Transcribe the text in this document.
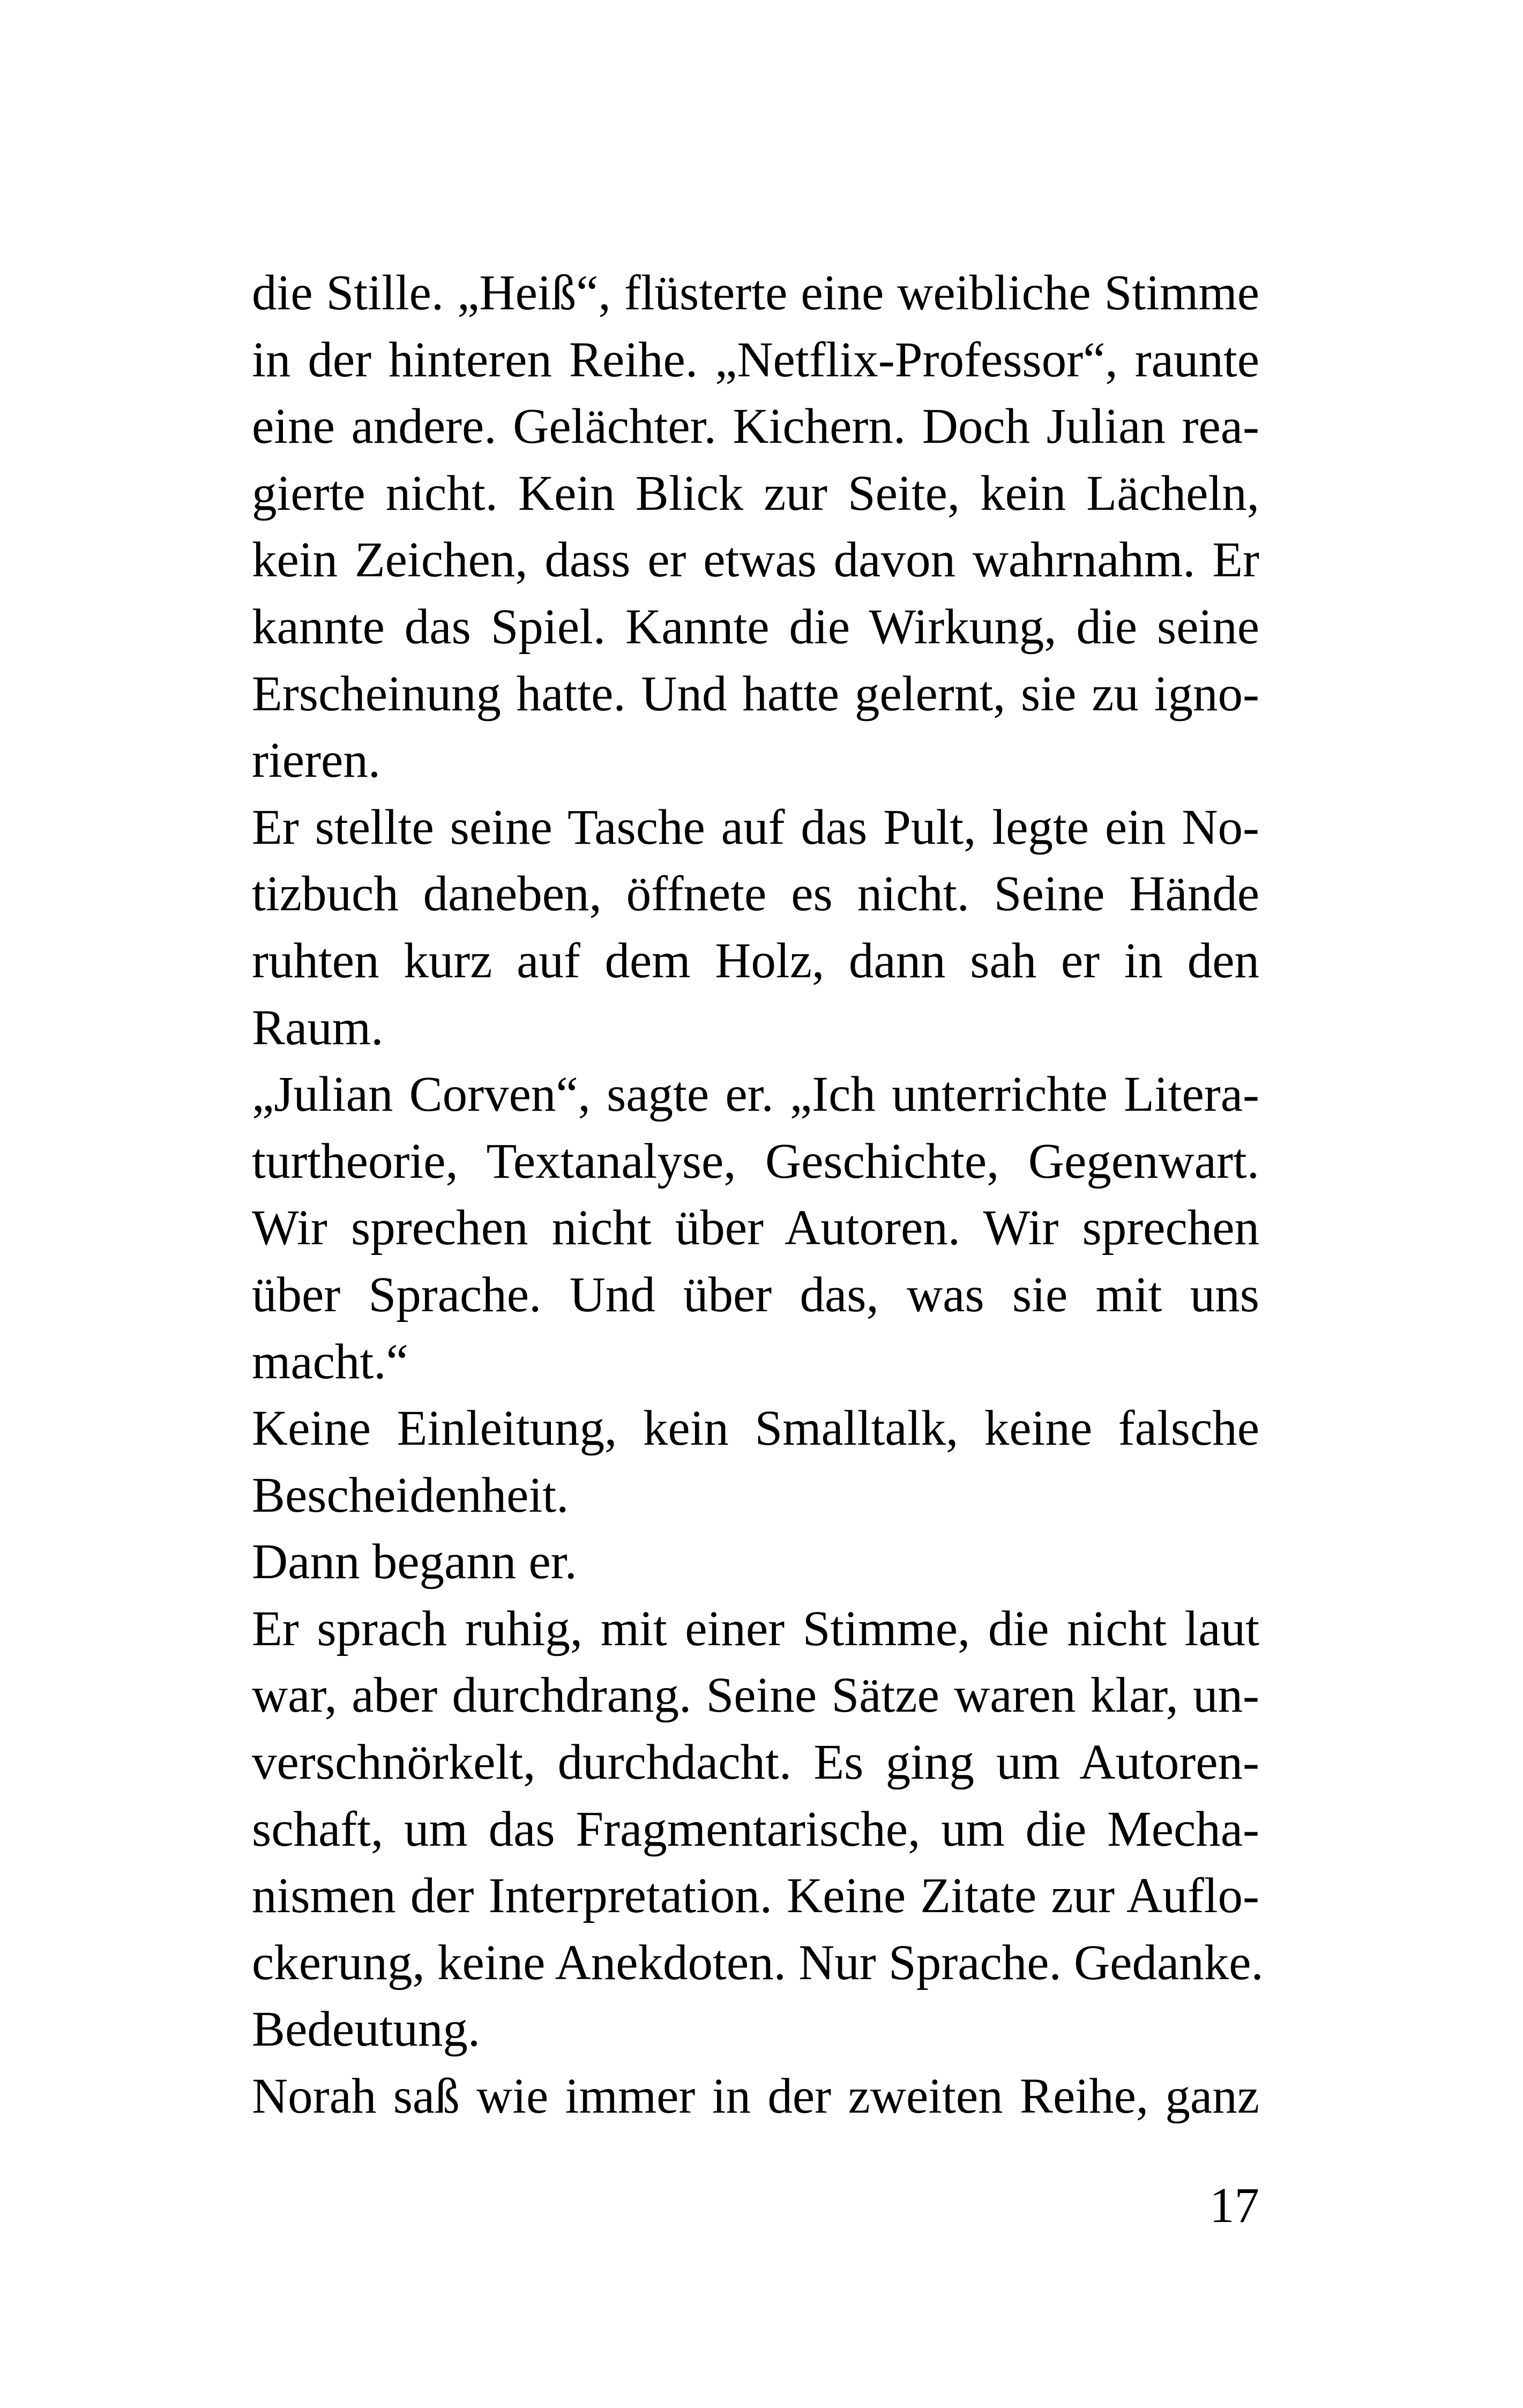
die Stille. „Heiß“, flüsterte eine weibliche Stimme
in der hinteren Reihe. „Netflix-Professor“, raunte
eine andere. Gelächter. Kichern. Doch Julian rea-
gierte nicht. Kein Blick zur Seite, kein Lächeln,
kein Zeichen, dass er etwas davon wahrnahm. Er
kannte das Spiel. Kannte die Wirkung, die seine
Erscheinung hatte. Und hatte gelernt, sie zu igno-
rieren.
Er stellte seine Tasche auf das Pult, legte ein No-
tizbuch daneben, öffnete es nicht. Seine Hände
ruhten kurz auf dem Holz, dann sah er in den
Raum.
„Julian Corven“, sagte er. „Ich unterrichte Litera-
turtheorie, Textanalyse, Geschichte, Gegenwart.
Wir sprechen nicht über Autoren. Wir sprechen
über Sprache. Und über das, was sie mit uns
macht.“
Keine Einleitung, kein Smalltalk, keine falsche
Bescheidenheit.
Dann begann er.
Er sprach ruhig, mit einer Stimme, die nicht laut
war, aber durchdrang. Seine Sätze waren klar, un-
verschnörkelt, durchdacht. Es ging um Autoren-
schaft, um das Fragmentarische, um die Mecha-
nismen der Interpretation. Keine Zitate zur Auflo-
ckerung, keine Anekdoten. Nur Sprache. Gedanke.
Bedeutung.
Norah saß wie immer in der zweiten Reihe, ganz
17
